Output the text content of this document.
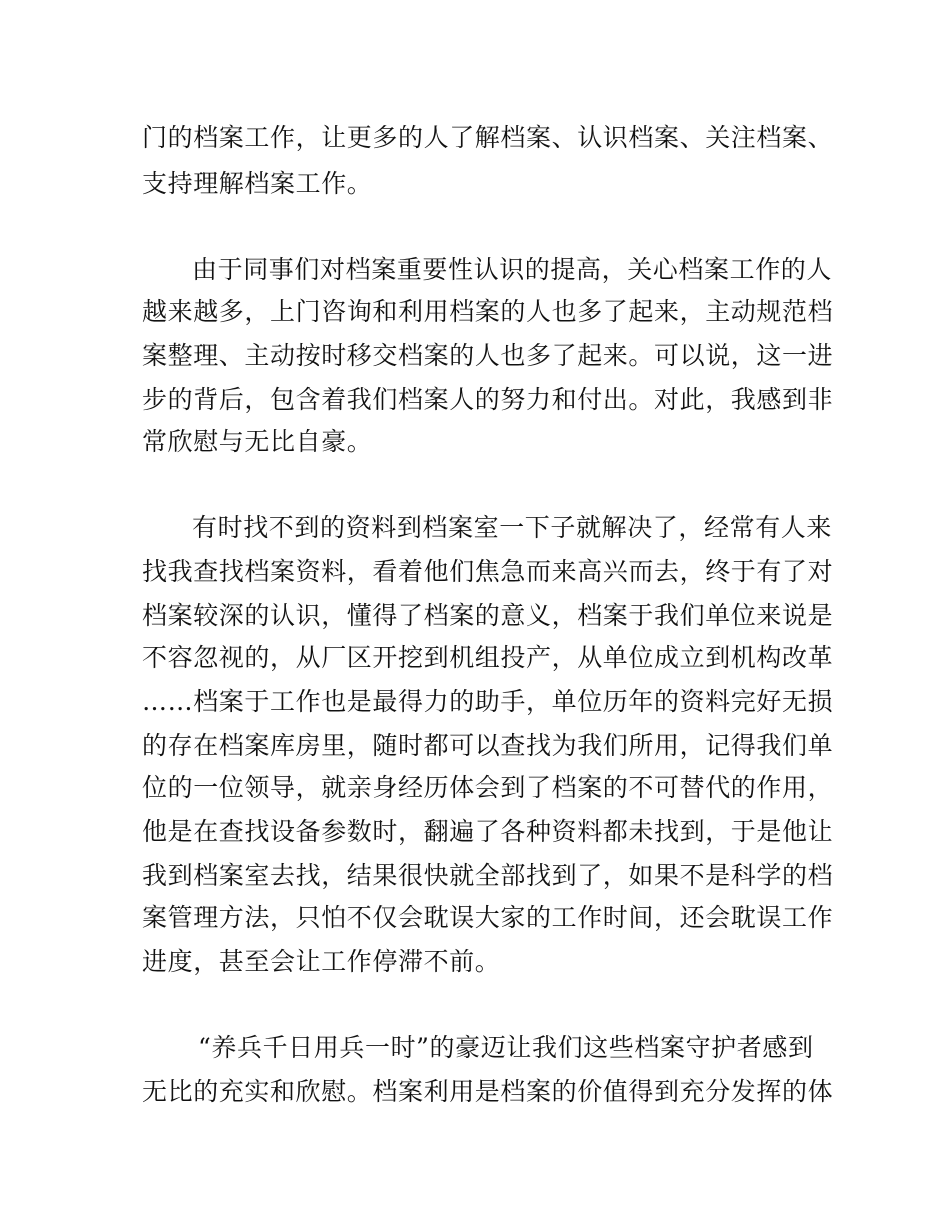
门的档案工作，让更多的人了解档案、认识档案、关注档案、
支持理解档案工作。
由于同事们对档案重要性认识的提高，关心档案工作的人
越来越多，上门咨询和利用档案的人也多了起来，主动规范档
案整理、主动按时移交档案的人也多了起来。可以说，这一进
步的背后，包含着我们档案人的努力和付出。对此，我感到非
常欣慰与无比自豪。
有时找不到的资料到档案室一下子就解决了，经常有人来
找我查找档案资料，看着他们焦急而来高兴而去，终于有了对
档案较深的认识，懂得了档案的意义，档案于我们单位来说是
不容忽视的，从厂区开挖到机组投产，从单位成立到机构改革
……档案于工作也是最得力的助手，单位历年的资料完好无损
的存在档案库房里，随时都可以查找为我们所用，记得我们单
位的一位领导，就亲身经历体会到了档案的不可替代的作用，
他是在查找设备参数时，翻遍了各种资料都未找到，于是他让
我到档案室去找，结果很快就全部找到了，如果不是科学的档
案管理方法，只怕不仅会耽误大家的工作时间，还会耽误工作
进度，甚至会让工作停滞不前。
“养兵千日用兵一时”的豪迈让我们这些档案守护者感到
无比的充实和欣慰。档案利用是档案的价值得到充分发挥的体
